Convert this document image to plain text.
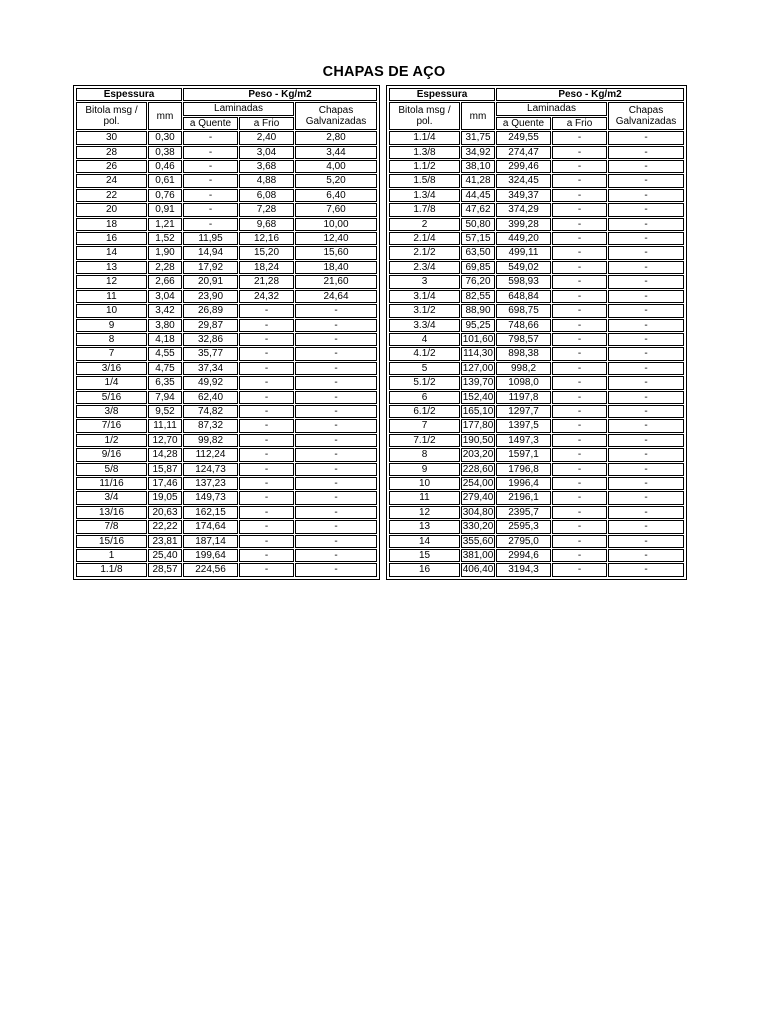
CHAPAS DE AÇO
Espessura		Peso - Kg/m2		
Bitola msg / pol.	mm	Laminadas		Chapas Galvanizadas
		a Quente	a Frio	
30	0,30	-	2,40	2,80
28	0,38	-	3,04	3,44
26	0,46	-	3,68	4,00
24	0,61	-	4,88	5,20
22	0,76	-	6,08	6,40
20	0,91	-	7,28	7,60
18	1,21	-	9,68	10,00
16	1,52	11,95	12,16	12,40
14	1,90	14,94	15,20	15,60
13	2,28	17,92	18,24	18,40
12	2,66	20,91	21,28	21,60
11	3,04	23,90	24,32	24,64
10	3,42	26,89	-	-
9	3,80	29,87	-	-
8	4,18	32,86	-	-
7	4,55	35,77	-	-
3/16	4,75	37,34	-	-
1/4	6,35	49,92	-	-
5/16	7,94	62,40	-	-
3/8	9,52	74,82	-	-
7/16	11,11	87,32	-	-
1/2	12,70	99,82	-	-
9/16	14,28	112,24	-	-
5/8	15,87	124,73	-	-
11/16	17,46	137,23	-	-
3/4	19,05	149,73	-	-
13/16	20,63	162,15	-	-
7/8	22,22	174,64	-	-
15/16	23,81	187,14	-	-
1	25,40	199,64	-	-
1.1/8	28,57	224,56	-	-
Espessura		Peso - Kg/m2		
Bitola msg / pol.	mm	Laminadas		Chapas Galvanizadas
		a Quente	a Frio	
1.1/4	31,75	249,55	-	-
1.3/8	34,92	274,47	-	-
1.1/2	38,10	299,46	-	-
1.5/8	41,28	324,45	-	-
1.3/4	44,45	349,37	-	-
1.7/8	47,62	374,29	-	-
2	50,80	399,28	-	-
2.1/4	57,15	449,20	-	-
2.1/2	63,50	499,11	-	-
2.3/4	69,85	549,02	-	-
3	76,20	598,93	-	-
3.1/4	82,55	648,84	-	-
3.1/2	88,90	698,75	-	-
3.3/4	95,25	748,66	-	-
4	101,60	798,57	-	-
4.1/2	114,30	898,38	-	-
5	127,00	998,2	-	-
5.1/2	139,70	1098,0	-	-
6	152,40	1197,8	-	-
6.1/2	165,10	1297,7	-	-
7	177,80	1397,5	-	-
7.1/2	190,50	1497,3	-	-
8	203,20	1597,1	-	-
9	228,60	1796,8	-	-
10	254,00	1996,4	-	-
11	279,40	2196,1	-	-
12	304,80	2395,7	-	-
13	330,20	2595,3	-	-
14	355,60	2795,0	-	-
15	381,00	2994,6	-	-
16	406,40	3194,3	-	-
